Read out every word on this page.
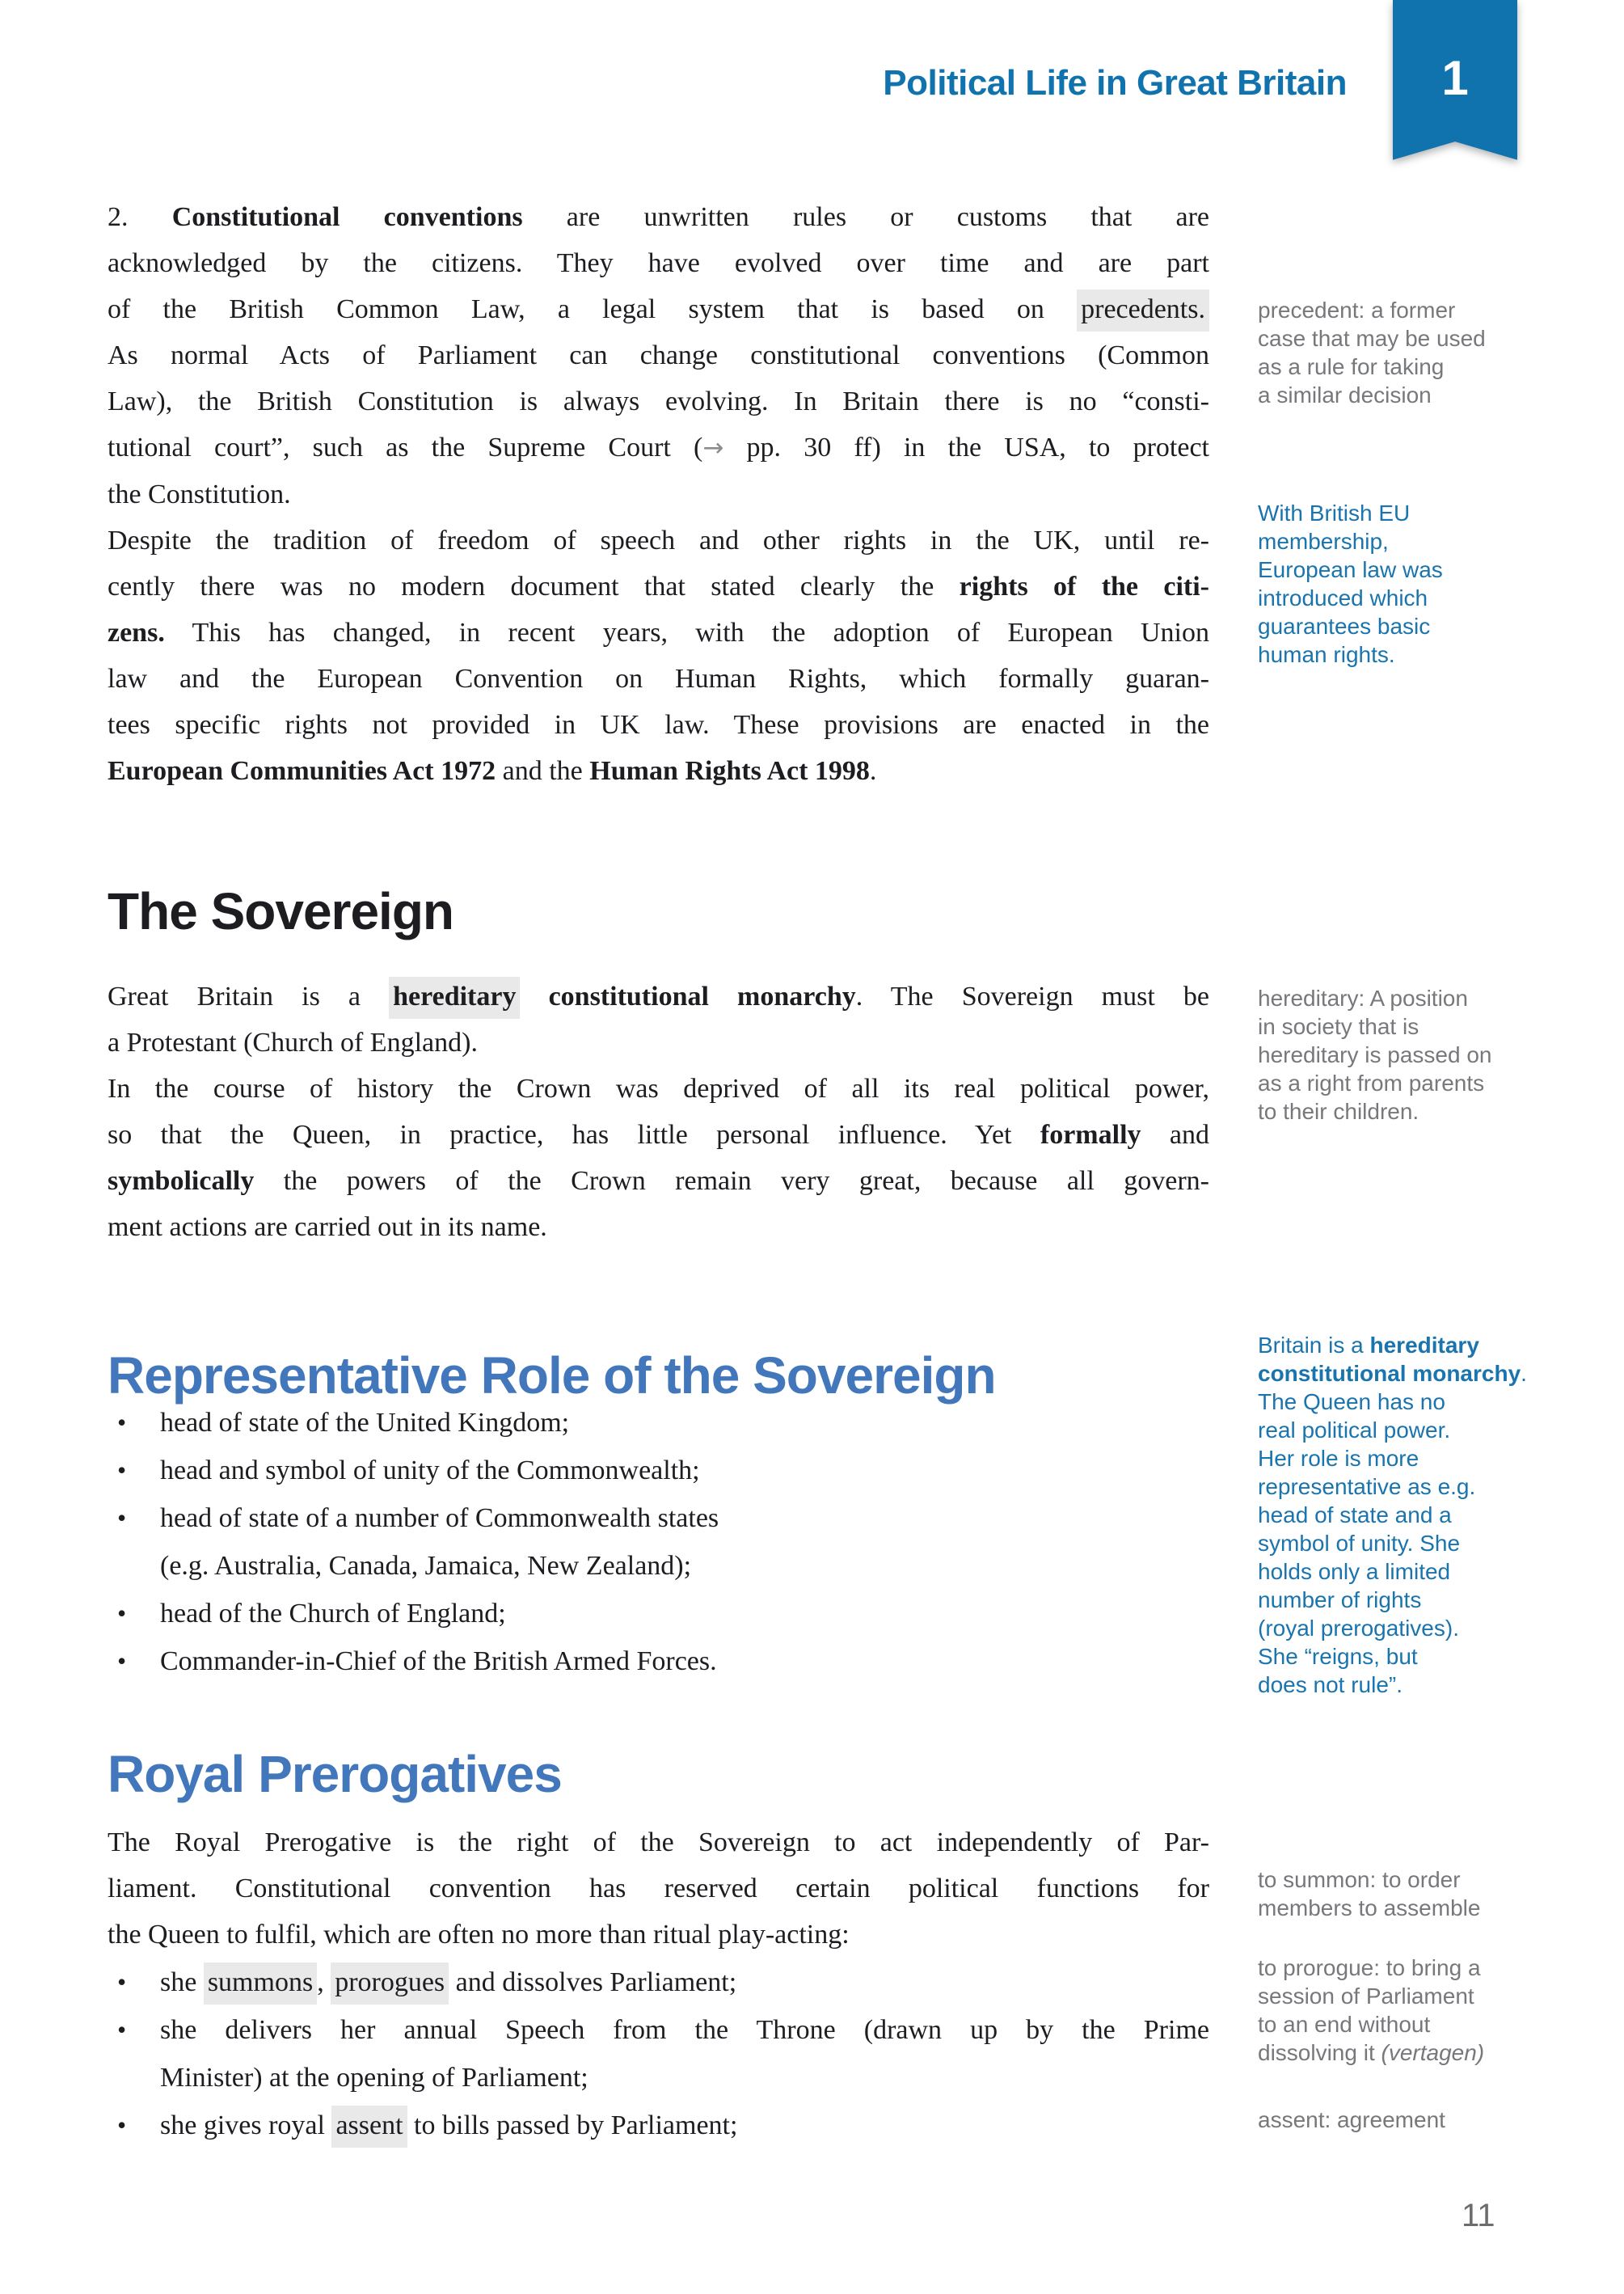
Political Life in Great Britain	1
2. Constitutional conventions are unwritten rules or customs that are
acknowledged by the citizens. They have evolved over time and are part
of the British Common Law, a legal system that is based on precedents.
As normal Acts of Parliament can change constitutional conventions (Common
Law), the British Constitution is always evolving. In Britain there is no “consti-
tutional court”, such as the Supreme Court (→ pp. 30 ff) in the USA, to protect
the Constitution.
Despite the tradition of freedom of speech and other rights in the UK, until re-
cently there was no modern document that stated clearly the rights of the citi-
zens. This has changed, in recent years, with the adoption of European Union
law and the European Convention on Human Rights, which formally guaran-
tees specific rights not provided in UK law. These provisions are enacted in the
European Communities Act 1972 and the Human Rights Act 1998.
The Sovereign
Great Britain is a hereditary constitutional monarchy. The Sovereign must be
a Protestant (Church of England).
In the course of history the Crown was deprived of all its real political power,
so that the Queen, in practice, has little personal influence. Yet formally and
symbolically the powers of the Crown remain very great, because all govern-
ment actions are carried out in its name.
Representative Role of the Sovereign
• head of state of the United Kingdom;
• head and symbol of unity of the Commonwealth;
• head of state of a number of Commonwealth states
(e.g. Australia, Canada, Jamaica, New Zealand);
• head of the Church of England;
• Commander-in-Chief of the British Armed Forces.
Royal Prerogatives
The Royal Prerogative is the right of the Sovereign to act independently of Par-
liament. Constitutional convention has reserved certain political functions for
the Queen to fulfil, which are often no more than ritual play-acting:
• she summons , prorogues and dissolves Parliament;
• she delivers her annual Speech from the Throne (drawn up by the Prime
Minister) at the opening of Parliament;
• she gives royal assent to bills passed by Parliament;
precedent: a former
case that may be used
as a rule for taking
a similar decision
With British EU
membership,
European law was
introduced which
guarantees basic
human rights.
hereditary: A position
in society that is
hereditary is passed on
as a right from parents
to their children.
Britain is a hereditary
constitutional monarchy.
The Queen has no
real political power.
Her role is more
representative as e.g.
head of state and a
symbol of unity. She
holds only a limited
number of rights
(royal prerogatives).
She “reigns, but
does not rule”.
to summon: to order
members to assemble
to prorogue: to bring a
session of Parliament
to an end without
dissolving it (vertagen)
assent: agreement
11
